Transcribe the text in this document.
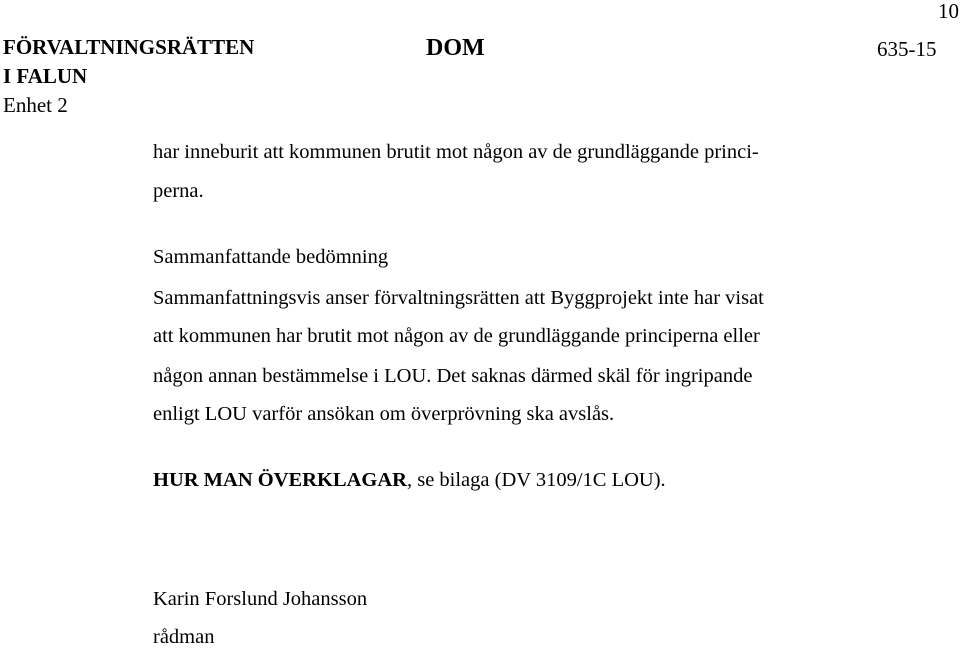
10
FÖRVALTNINGSRÄTTEN
I FALUN
Enhet 2
DOM	635-15
har inneburit att kommunen brutit mot någon av de grundläggande princi-
perna.
Sammanfattande bedömning
Sammanfattningsvis anser förvaltningsrätten att Byggprojekt inte har visat
att kommunen har brutit mot någon av de grundläggande principerna eller
någon annan bestämmelse i LOU. Det saknas därmed skäl för ingripande
enligt LOU varför ansökan om överprövning ska avslås.
HUR MAN ÖVERKLAGAR, se bilaga (DV 3109/1C LOU).
Karin Forslund Johansson
rådman
